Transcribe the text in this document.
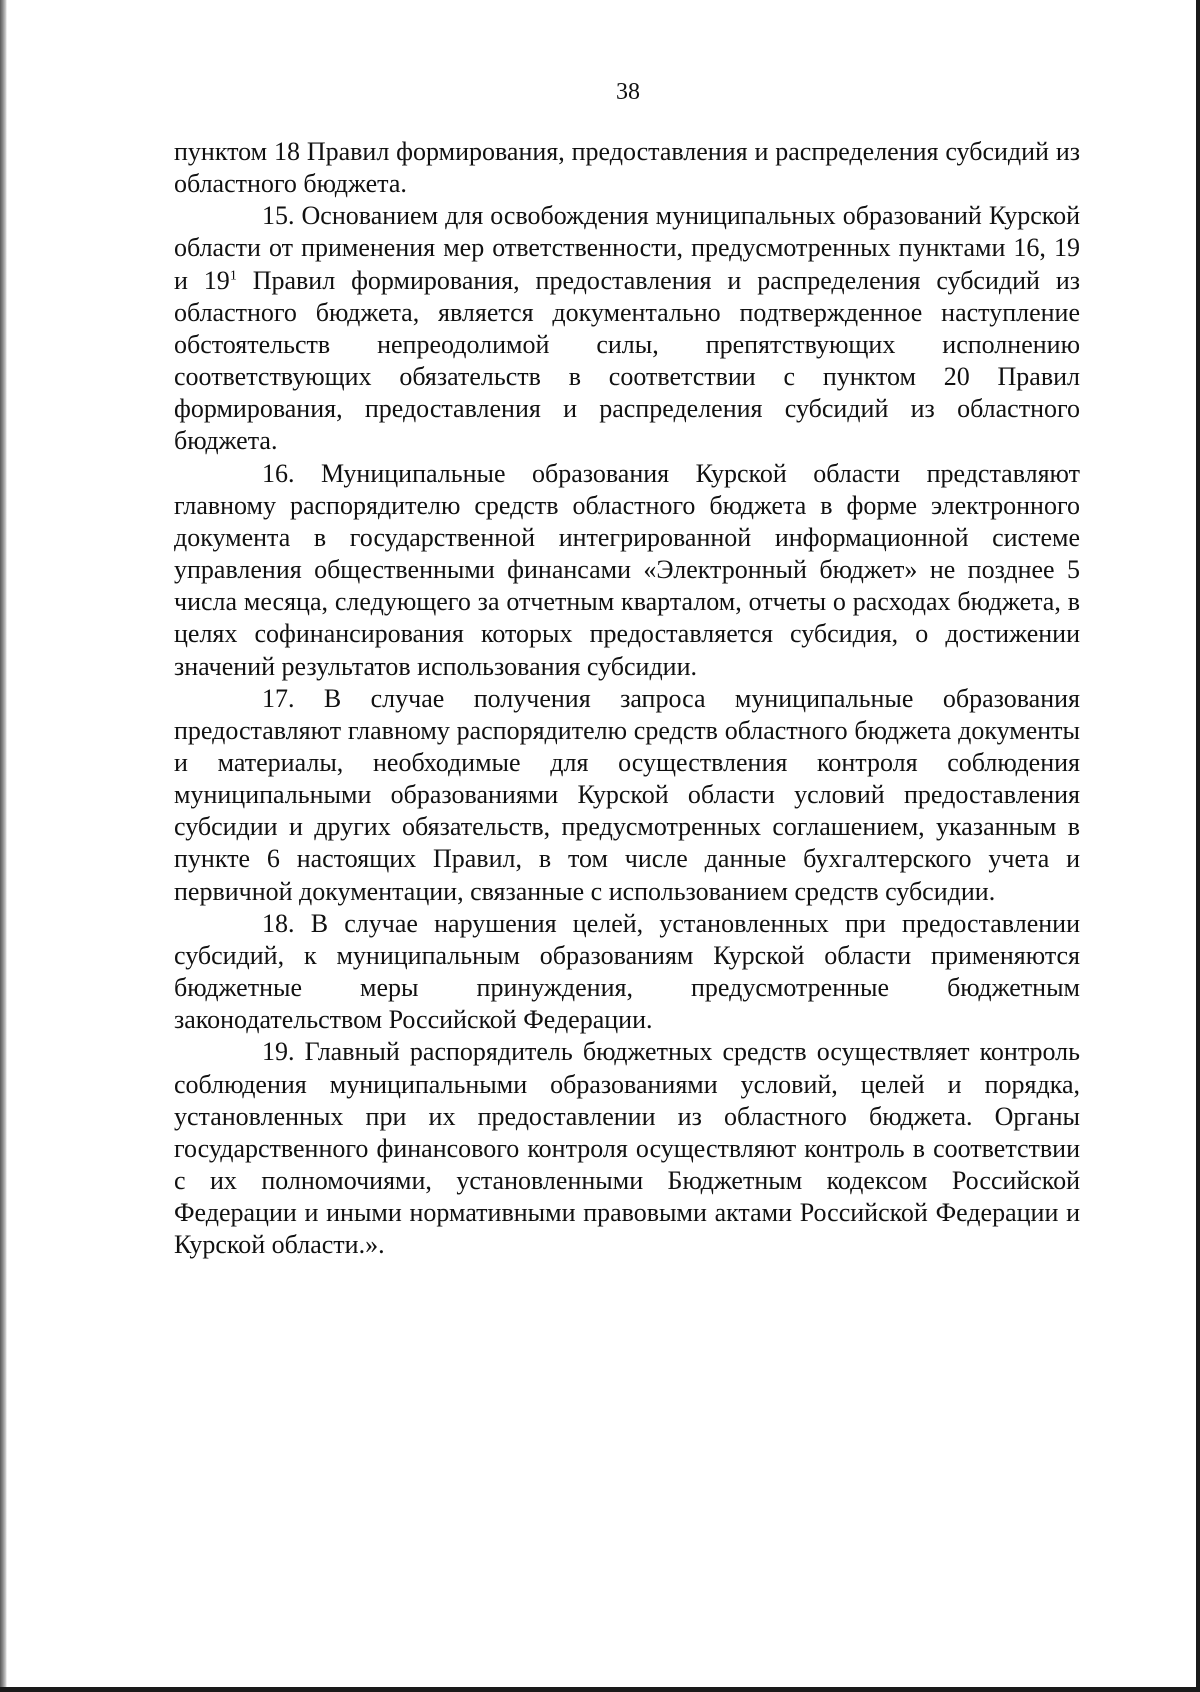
38

пунктом 18 Правил формирования, предоставления и распределения субсидий из областного бюджета.

15. Основанием для освобождения муниципальных образований Курской области от применения мер ответственности, предусмотренных пунктами 16, 19 и 19$^1$ Правил формирования, предоставления и распределения субсидий из областного бюджета, является документально подтвержденное наступление обстоятельств непреодолимой силы, препятствующих исполнению соответствующих обязательств в соответствии с пунктом 20 Правил формирования, предоставления и распределения субсидий из областного бюджета.

16. Муниципальные образования Курской области представляют главному распорядителю средств областного бюджета в форме электронного документа в государственной интегрированной информационной системе управления общественными финансами «Электронный бюджет» не позднее 5 числа месяца, следующего за отчетным кварталом, отчеты о расходах бюджета, в целях софинансирования которых предоставляется субсидия, о достижении значений результатов использования субсидии.

17. В случае получения запроса муниципальные образования предоставляют главному распорядителю средств областного бюджета документы и материалы, необходимые для осуществления контроля соблюдения муниципальными образованиями Курской области условий предоставления субсидии и других обязательств, предусмотренных соглашением, указанным в пункте 6 настоящих Правил, в том числе данные бухгалтерского учета и первичной документации, связанные с использованием средств субсидии.

18. В случае нарушения целей, установленных при предоставлении субсидий, к муниципальным образованиям Курской области применяются бюджетные меры принуждения, предусмотренные бюджетным законодательством Российской Федерации.

19. Главный распорядитель бюджетных средств осуществляет контроль соблюдения муниципальными образованиями условий, целей и порядка, установленных при их предоставлении из областного бюджета. Органы государственного финансового контроля осуществляют контроль в соответствии с их полномочиями, установленными Бюджетным кодексом Российской Федерации и иными нормативными правовыми актами Российской Федерации и Курской области.».
